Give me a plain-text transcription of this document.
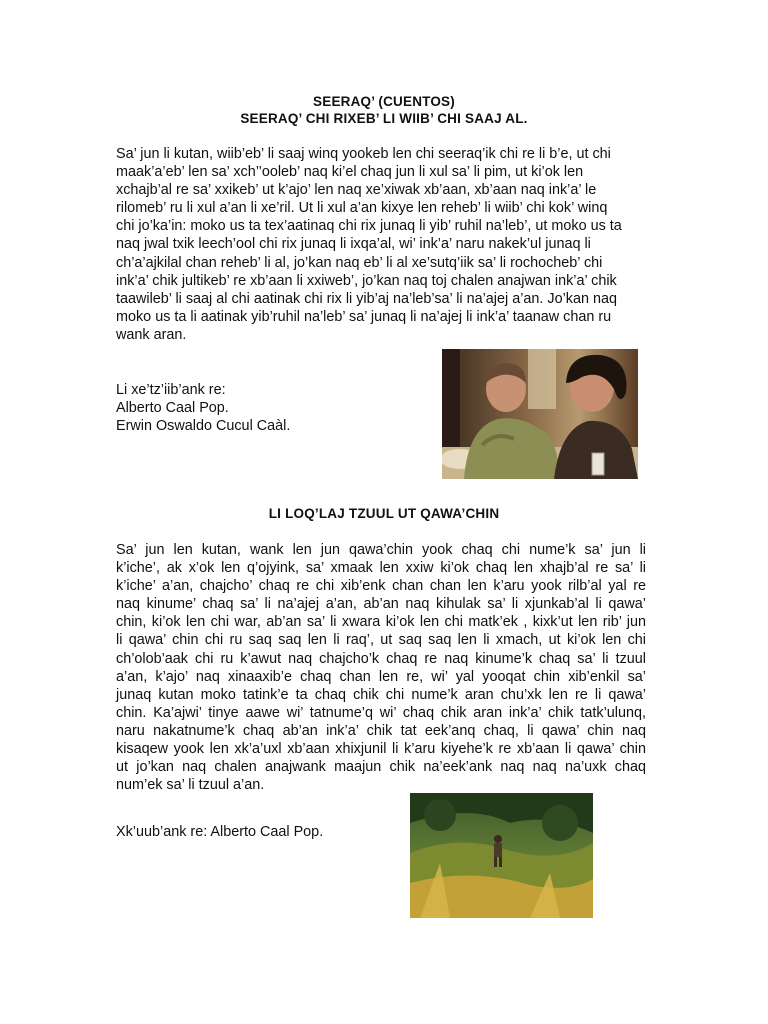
SEERAQ’ (CUENTOS)
SEERAQ’ CHI RIXEB’ LI WIIB’ CHI SAAJ AL.
Sa’ jun li kutan, wiib’eb’ li saaj winq yookeb len chi seeraq’ik chi re li b’e, ut chi
maak’a’eb’ len sa’ xch’’ooleb’ naq ki’el chaq jun li xul sa’ li pim, ut ki’ok len
xchajb’al re sa’ xxikeb’ ut k’ajo’ len naq xe’xiwak xb’aan, xb’aan naq ink’a’ le
rilomeb’ ru li xul a’an li xe’ril. Ut li xul a’an kixye len reheb’ li wiib’ chi kok’ winq
chi jo’ka’in: moko us ta tex’aatinaq chi rix junaq li yib’ ruhil na’leb’, ut moko us ta
naq jwal txik leech’ool chi rix junaq li ixqa’al, wi’ ink’a’ naru nakek’ul junaq li
ch’a’ajkilal chan reheb’ li al, jo’kan naq eb’ li al xe’sutq’iik sa’ li rochocheb’ chi
ink’a’ chik jultikeb’ re xb’aan li xxiweb’, jo’kan naq toj chalen anajwan ink’a’ chik
taawileb’ li saaj al chi aatinak chi rix li yib’aj na’leb’sa’ li na’ajej a’an. Jo’kan naq
moko us ta li aatinak yib’ruhil na’leb’ sa’ junaq li na’ajej li ink’a’ taanaw chan ru
wank aran.
Li xe’tz’iib’ank re:
Alberto Caal Pop.
Erwin Oswaldo Cucul Caàl.
LI LOQ’LAJ TZUUL UT QAWA’CHIN
Sa’ jun len kutan, wank len jun qawa’chin yook chaq chi nume’k sa’ jun li
k’iche’, ak x’ok len q’ojyink, sa’ xmaak len xxiw ki’ok chaq len xhajb’al re sa’ li
k’iche’ a’an, chajcho’ chaq re chi xib’enk chan chan len k’aru yook rilb’al yal re
naq kinume’ chaq sa’ li na’ajej a’an, ab’an naq kihulak sa’ li xjunkab’al li qawa’
chin, ki’ok len chi war, ab’an sa’ li xwara ki’ok len chi matk’ek , kixk’ut len rib’ jun
li qawa’ chin chi ru saq saq len li raq’, ut saq saq len li xmach, ut ki’ok len chi
ch’olob’aak chi ru k’awut naq chajcho’k chaq re naq kinume’k chaq sa’ li tzuul
a’an, k’ajo’ naq xinaaxib’e chaq chan len re, wi’ yal yooqat chin xib’enkil sa’
junaq kutan moko tatink’e ta chaq chik chi nume’k aran chu’xk len re li qawa’
chin. Ka’ajwi’ tinye aawe wi’ tatnume’q wi’ chaq chik aran ink’a’ chik tatk’ulunq,
naru nakatnume’k chaq ab’an ink’a’ chik tat eek’anq chaq, li qawa’ chin naq
kisaqew yook len xk’a’uxl xb’aan xhixjunil li k’aru kiyehe’k re xb’aan li qawa’ chin
ut jo’kan naq chalen anajwank maajun chik na’eek’ank naq naq na’uxk chaq
num’ek sa’ li tzuul a’an.
Xk’uub’ank re: Alberto Caal Pop.
